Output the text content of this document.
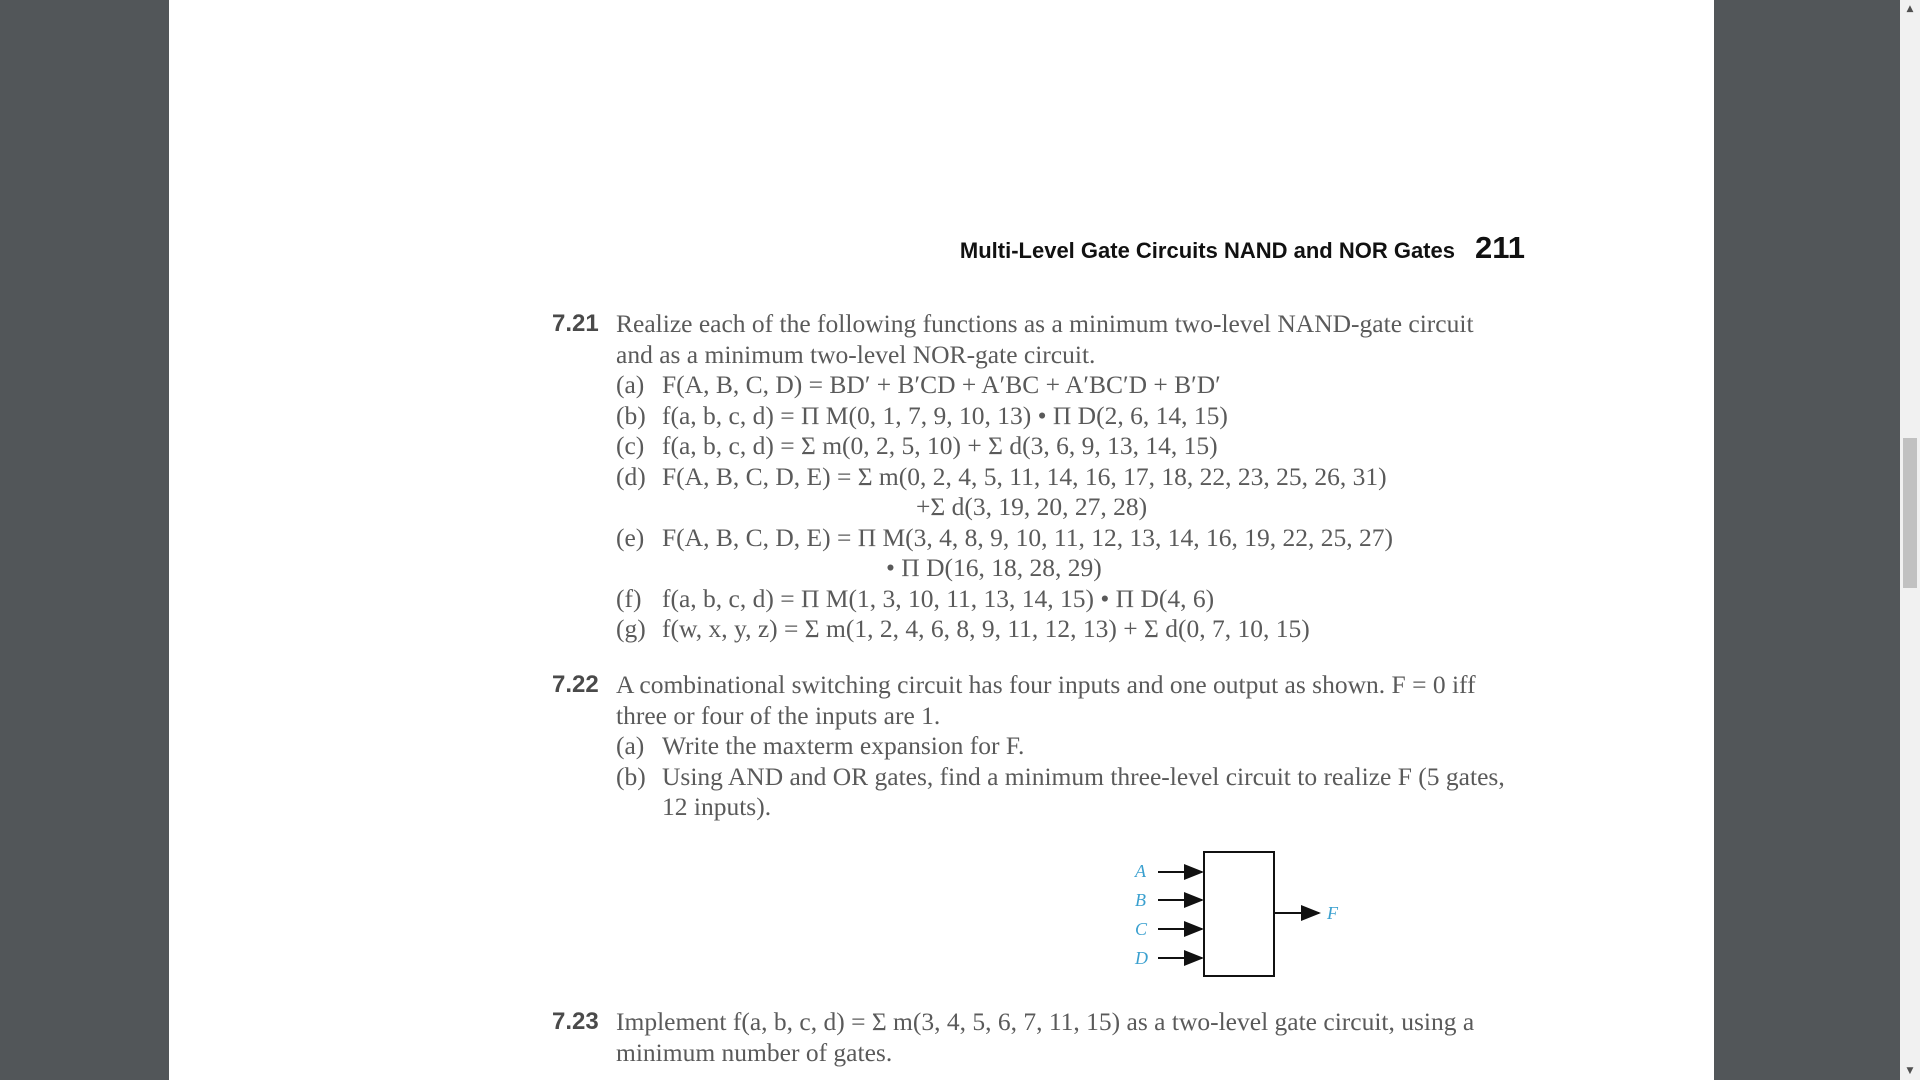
Multi-Level Gate Circuits NAND and NOR Gates 211
7.21 Realize each of the following functions as a minimum two-level NAND-gate circuit
and as a minimum two-level NOR-gate circuit.
(a) F(A, B, C, D) = BD′ + B′CD + A′BC + A′BC′D + B′D′
(b) f(a, b, c, d) = Π M(0, 1, 7, 9, 10, 13) • Π D(2, 6, 14, 15)
(c) f(a, b, c, d) = Σ m(0, 2, 5, 10) + Σ d(3, 6, 9, 13, 14, 15)
(d) F(A, B, C, D, E) = Σ m(0, 2, 4, 5, 11, 14, 16, 17, 18, 22, 23, 25, 26, 31)
+Σ d(3, 19, 20, 27, 28)
(e) F(A, B, C, D, E) = Π M(3, 4, 8, 9, 10, 11, 12, 13, 14, 16, 19, 22, 25, 27)
• Π D(16, 18, 28, 29)
(f) f(a, b, c, d) = Π M(1, 3, 10, 11, 13, 14, 15) • Π D(4, 6)
(g) f(w, x, y, z) = Σ m(1, 2, 4, 6, 8, 9, 11, 12, 13) + Σ d(0, 7, 10, 15)
7.22 A combinational switching circuit has four inputs and one output as shown. F = 0 iff
three or four of the inputs are 1.
(a) Write the maxterm expansion for F.
(b) Using AND and OR gates, find a minimum three-level circuit to realize F (5 gates,
12 inputs).
A
B
C
D
F
7.23 Implement f(a, b, c, d) = Σ m(3, 4, 5, 6, 7, 11, 15) as a two-level gate circuit, using a
minimum number of gates.
▲
▼
